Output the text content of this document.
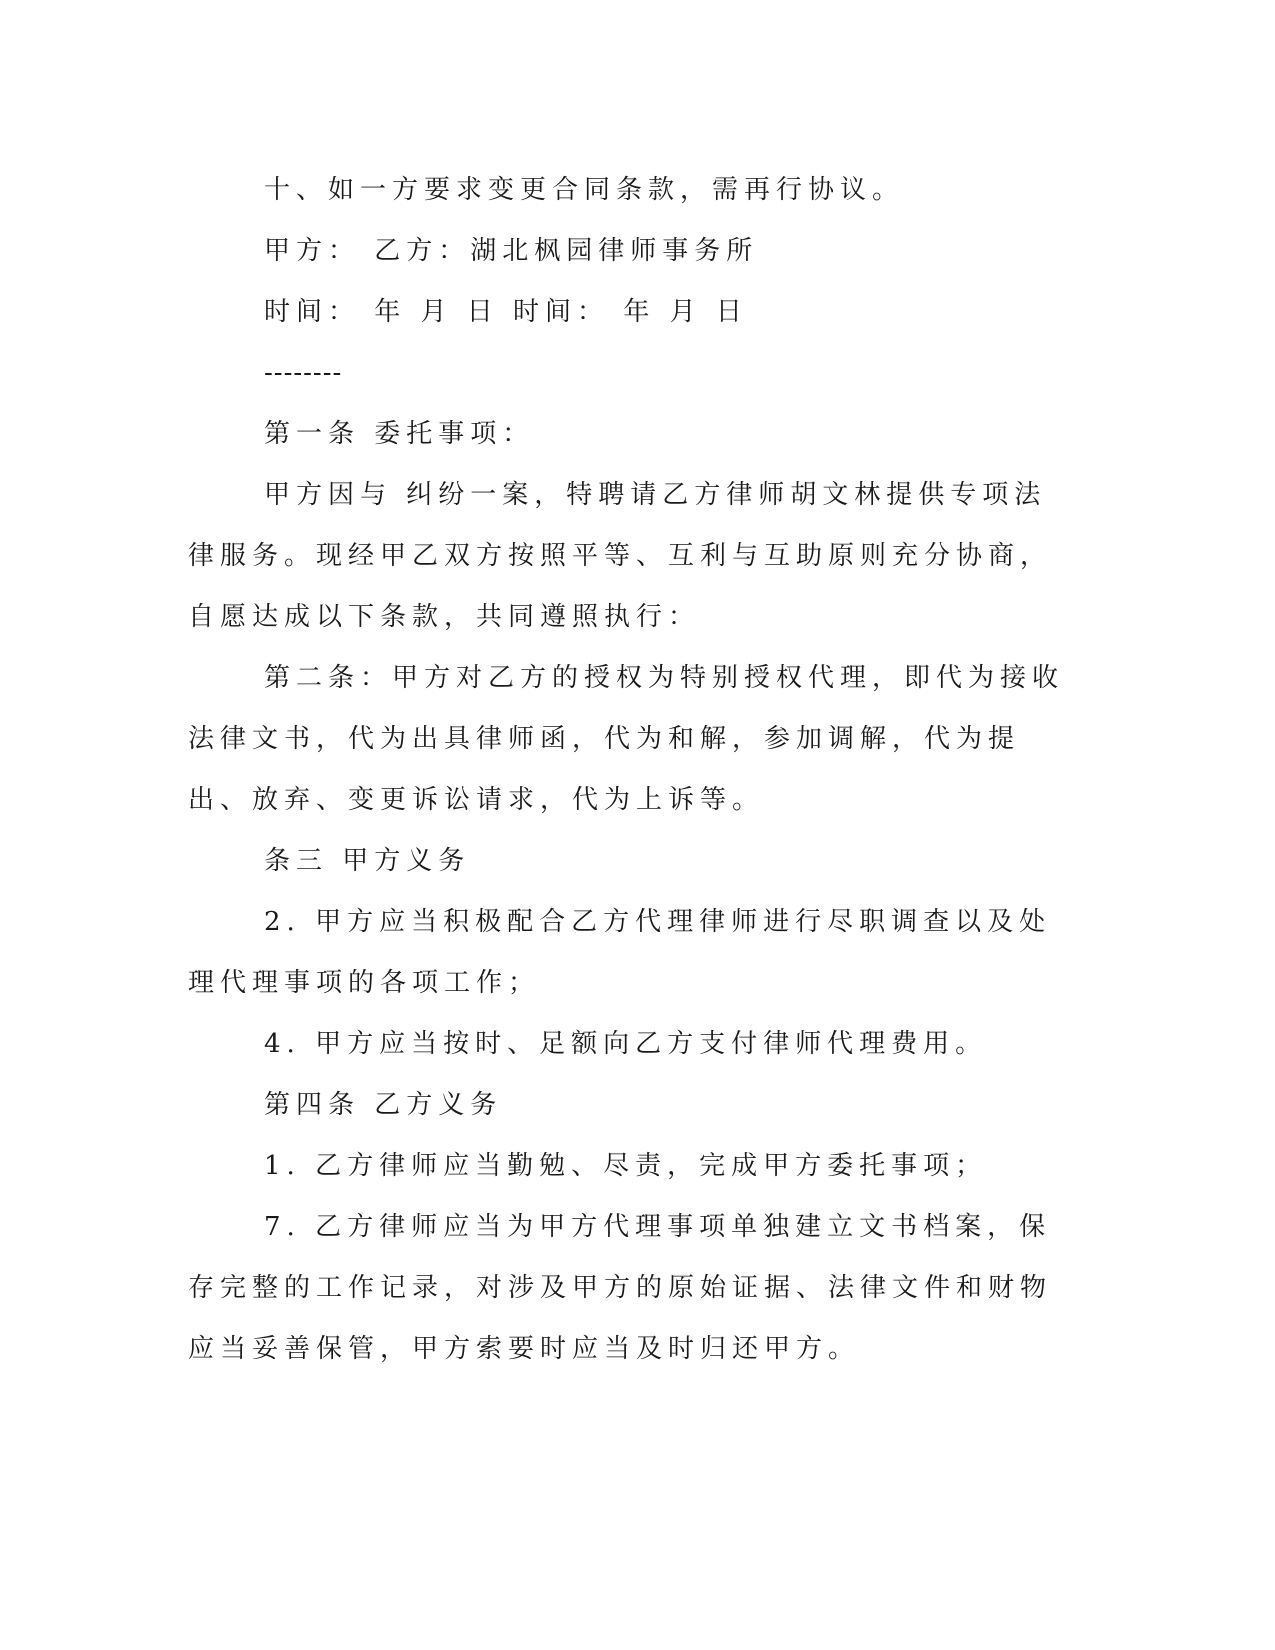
十、如一方要求变更合同条款，需再行协议。

甲方： 乙方：湖北枫园律师事务所

时间： 年 月 日 时间： 年 月 日

--------

第一条 委托事项：

甲方因与 纠纷一案，特聘请乙方律师胡文林提供专项法律服务。现经甲乙双方按照平等、互利与互助原则充分协商，自愿达成以下条款，共同遵照执行：

第二条：甲方对乙方的授权为特别授权代理，即代为接收法律文书，代为出具律师函，代为和解，参加调解，代为提出、放弃、变更诉讼请求，代为上诉等。

条三 甲方义务

2. 甲方应当积极配合乙方代理律师进行尽职调查以及处理代理事项的各项工作；

4. 甲方应当按时、足额向乙方支付律师代理费用。

第四条 乙方义务

1. 乙方律师应当勤勉、尽责，完成甲方委托事项；

7. 乙方律师应当为甲方代理事项单独建立文书档案，保存完整的工作记录，对涉及甲方的原始证据、法律文件和财物应当妥善保管，甲方索要时应当及时归还甲方。
